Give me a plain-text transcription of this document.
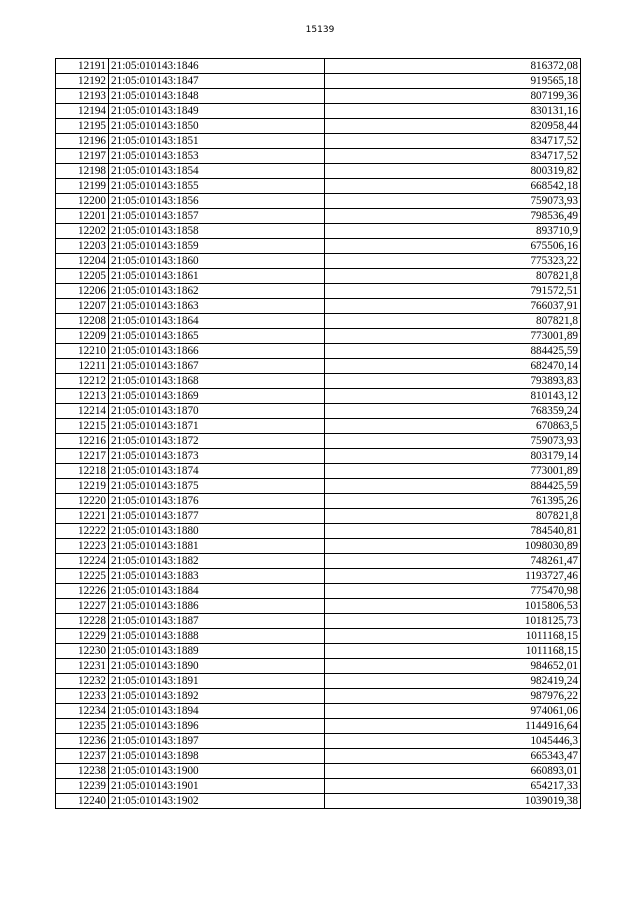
15139
12191	21:05:010143:1846	816372,08
12192	21:05:010143:1847	919565,18
12193	21:05:010143:1848	807199,36
12194	21:05:010143:1849	830131,16
12195	21:05:010143:1850	820958,44
12196	21:05:010143:1851	834717,52
12197	21:05:010143:1853	834717,52
12198	21:05:010143:1854	800319,82
12199	21:05:010143:1855	668542,18
12200	21:05:010143:1856	759073,93
12201	21:05:010143:1857	798536,49
12202	21:05:010143:1858	893710,9
12203	21:05:010143:1859	675506,16
12204	21:05:010143:1860	775323,22
12205	21:05:010143:1861	807821,8
12206	21:05:010143:1862	791572,51
12207	21:05:010143:1863	766037,91
12208	21:05:010143:1864	807821,8
12209	21:05:010143:1865	773001,89
12210	21:05:010143:1866	884425,59
12211	21:05:010143:1867	682470,14
12212	21:05:010143:1868	793893,83
12213	21:05:010143:1869	810143,12
12214	21:05:010143:1870	768359,24
12215	21:05:010143:1871	670863,5
12216	21:05:010143:1872	759073,93
12217	21:05:010143:1873	803179,14
12218	21:05:010143:1874	773001,89
12219	21:05:010143:1875	884425,59
12220	21:05:010143:1876	761395,26
12221	21:05:010143:1877	807821,8
12222	21:05:010143:1880	784540,81
12223	21:05:010143:1881	1098030,89
12224	21:05:010143:1882	748261,47
12225	21:05:010143:1883	1193727,46
12226	21:05:010143:1884	775470,98
12227	21:05:010143:1886	1015806,53
12228	21:05:010143:1887	1018125,73
12229	21:05:010143:1888	1011168,15
12230	21:05:010143:1889	1011168,15
12231	21:05:010143:1890	984652,01
12232	21:05:010143:1891	982419,24
12233	21:05:010143:1892	987976,22
12234	21:05:010143:1894	974061,06
12235	21:05:010143:1896	1144916,64
12236	21:05:010143:1897	1045446,3
12237	21:05:010143:1898	665343,47
12238	21:05:010143:1900	660893,01
12239	21:05:010143:1901	654217,33
12240	21:05:010143:1902	1039019,38
